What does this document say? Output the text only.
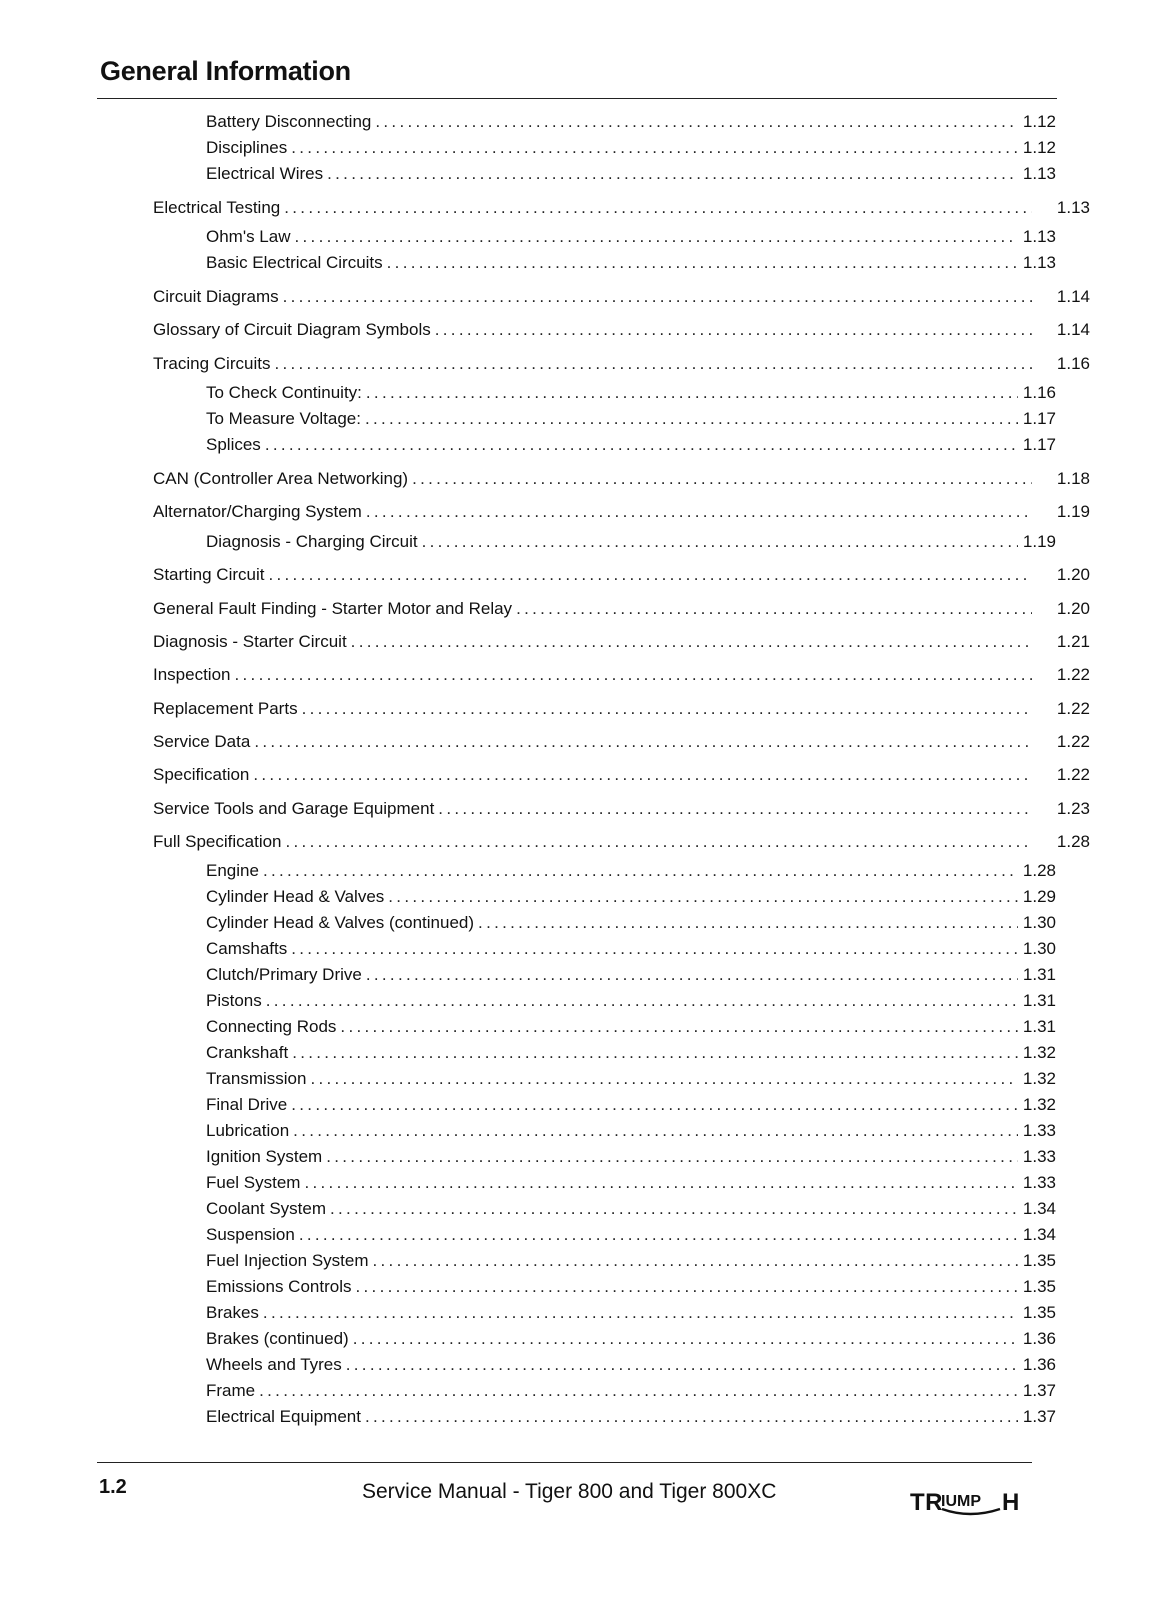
General Information
Battery Disconnecting .....	1.12
Disciplines .....	1.12
Electrical Wires .....	1.13
Electrical Testing .....	1.13
Ohm's Law .....	1.13
Basic Electrical Circuits .....	1.13
Circuit Diagrams .....	1.14
Glossary of Circuit Diagram Symbols .....	1.14
Tracing Circuits .....	1.16
To Check Continuity: .....	1.16
To Measure Voltage: .....	1.17
Splices .....	1.17
CAN (Controller Area Networking) .....	1.18
Alternator/Charging System .....	1.19
Diagnosis - Charging Circuit .....	1.19
Starting Circuit .....	1.20
General Fault Finding - Starter Motor and Relay .....	1.20
Diagnosis - Starter Circuit .....	1.21
Inspection .....	1.22
Replacement Parts .....	1.22
Service Data .....	1.22
Specification .....	1.22
Service Tools and Garage Equipment .....	1.23
Full Specification .....	1.28
Engine .....	1.28
Cylinder Head & Valves .....	1.29
Cylinder Head & Valves (continued) .....	1.30
Camshafts .....	1.30
Clutch/Primary Drive .....	1.31
Pistons .....	1.31
Connecting Rods .....	1.31
Crankshaft .....	1.32
Transmission .....	1.32
Final Drive .....	1.32
Lubrication .....	1.33
Ignition System .....	1.33
Fuel System .....	1.33
Coolant System .....	1.34
Suspension .....	1.34
Fuel Injection System .....	1.35
Emissions Controls .....	1.35
Brakes .....	1.35
Brakes (continued) .....	1.36
Wheels and Tyres .....	1.36
Frame .....	1.37
Electrical Equipment .....	1.37
1.2	Service Manual - Tiger 800 and Tiger 800XC	TR
IUMP H
